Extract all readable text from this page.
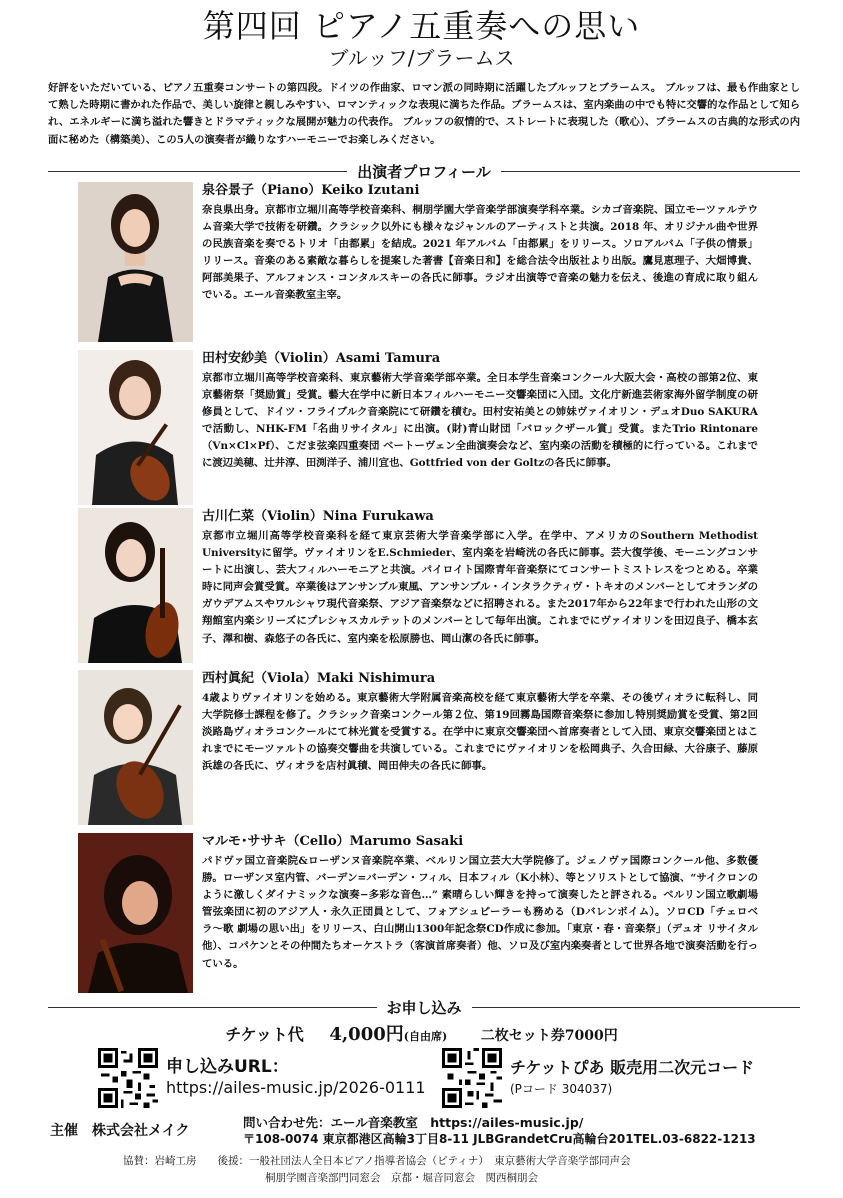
第四回 ピアノ五重奏への思い
ブルッフ/ブラームス
好評をいただいている、ピアノ五重奏コンサートの第四段。ドイツの作曲家、ロマン派の同時期に活躍したブルッフとブラームス。 ブルッフは、最も作曲家として熟した時期に書かれた作品で、美しい旋律と親しみやすい、ロマンティックな表現に満ちた作品。ブラームスは、室内楽曲の中でも特に交響的な作品として知られ、エネルギーに満ち溢れた響きとドラマティックな展開が魅力の代表作。 ブルッフの叙情的で、ストレートに表現した（歌心）、ブラームスの古典的な形式の内面に秘めた（構築美）、この5人の演奏者が織りなすハーモニーでお楽しみください。
出演者プロフィール
泉谷景子（Piano）Keiko Izutani
奈良県出身。京都市立堀川高等学校音楽科、桐朋学園大学音楽学部演奏学科卒業。シカゴ音楽院、国立モーツァルテウム音楽大学で技術を研鑽。クラシック以外にも様々なジャンルのアーティストと共演。2018 年、オリジナル曲や世界の民族音楽を奏でるトリオ「由都累」を結成。2021 年アルバム「由都累」をリリース。ソロアルバム「子供の情景」リリース。音楽のある素敵な暮らしを提案した著書【音楽日和】を総合法令出版社より出版。鷹見恵理子、大畑博貴、阿部美果子、アルフォンス・コンタルスキーの各氏に師事。ラジオ出演等で音楽の魅力を伝え、後進の育成に取り組んでいる。エール音楽教室主宰。
田村安紗美（Violin）Asami Tamura
京都市立堀川高等学校音楽科、東京藝術大学音楽学部卒業。全日本学生音楽コンクール大阪大会・高校の部第2位、東京藝術祭「奨励賞」受賞。藝大在学中に新日本フィルハーモニー交響楽団に入団。文化庁新進芸術家海外留学制度の研修員として、ドイツ・フライブルク音楽院にて研鑽を積む。田村安祐美との姉妹ヴァイオリン・デュオDuo SAKURAで活動し、NHK-FM「名曲リサイタル」に出演。(財)青山財団「バロックザール賞」受賞。またTrio Rintonare（Vn×Cl×Pf）、こだま弦楽四重奏団 ベートーヴェン全曲演奏会など、室内楽の活動を積極的に行っている。これまでに渡辺美穂、辻井淳、田渕洋子、浦川宜也、Gottfried von der Goltzの各氏に師事。
古川仁菜（Violin）Nina Furukawa
京都市立堀川高等学校音楽科を経て東京芸術大学音楽学部に入学。在学中、アメリカのSouthern Methodist Universityに留学。ヴァイオリンをE.Schmieder、室内楽を岩崎洸の各氏に師事。芸大復学後、モーニングコンサートに出演し、芸大フィルハーモニアと共演。パイロイト国際青年音楽祭にてコンサートミストレスをつとめる。卒業時に同声会賞受賞。卒業後はアンサンブル東風、アンサンブル・インタラクティヴ・トキオのメンバーとしてオランダのガウデアムスやワルシャワ現代音楽祭、アジア音楽祭などに招聘される。また2017年から22年まで行われた山形の文翔館室内楽シリーズにプレシャスカルテットのメンバーとして毎年出演。これまでにヴァイオリンを田辺良子、橋本玄子、澤和樹、森悠子の各氏に、室内楽を松原勝也、岡山潔の各氏に師事。
西村眞紀（Viola）Maki Nishimura
4歳よりヴァイオリンを始める。東京藝術大学附属音楽高校を経て東京藝術大学を卒業、その後ヴィオラに転科し、同大学院修士課程を修了。クラシック音楽コンクール第２位、第19回霧島国際音楽祭に参加し特別奨励賞を受賞、第2回淡路島ヴィオラコンクールにて林光賞を受賞する。在学中に東京交響楽団へ首席奏者として入団、東京交響楽団とはこれまでにモーツァルトの協奏交響曲を共演している。これまでにヴァイオリンを松岡典子、久合田緑、大谷康子、藤原浜雄の各氏に、ヴィオラを店村眞積、岡田伸夫の各氏に師事。
マルモ･ササキ（Cello）Marumo Sasaki
パドヴァ国立音楽院&ローザンヌ音楽院卒業、ベルリン国立芸大大学院修了。ジェノヴァ国際コンクール他、多数優勝。ローザンヌ室内管、バーデン=バーデン・フィル、日本フィル（K小林）、等とソリストとして協演、“サイクロンのように激しくダイナミックな演奏−多彩な音色…” 素晴らしい輝きを持って演奏したと評される。ベルリン国立歌劇場管弦楽団に初のアジア人・永久正団員として、フォアシュピーラーも務める（Dバレンボイム）。ソロCD「チェロベラ〜歌 劇場の思い出」をリリース、白山開山1300年記念祭CD作成に参加。「東京・春・音楽祭」（デュオ リサイタル他）、コパケンとその仲間たちオーケストラ（客演首席奏者）他、ソロ及び室内楽奏者として世界各地で演奏活動を行っている。
お申し込み
チケット代 4,000円(自由席) 二枚セット券7000円
申し込みURL：
https://ailes-music.jp/2026-0111
チケットぴあ 販売用二次元コード
(Pコード 304037)
主催　株式会社メイク
問い合わせ先：エール音楽教室　https://ailes-music.jp/
〒108-0074 東京都港区高輪3丁目8-11 JLBGrandetCru高輪台201TEL.03-6822-1213
協賛：岩崎工房　　後援：一般社団法人全日本ピアノ指導者協会（ピティナ）　東京藝術大学音楽学部同声会
桐朋学園音楽部門同窓会　京都・堀音同窓会　関西桐朋会
